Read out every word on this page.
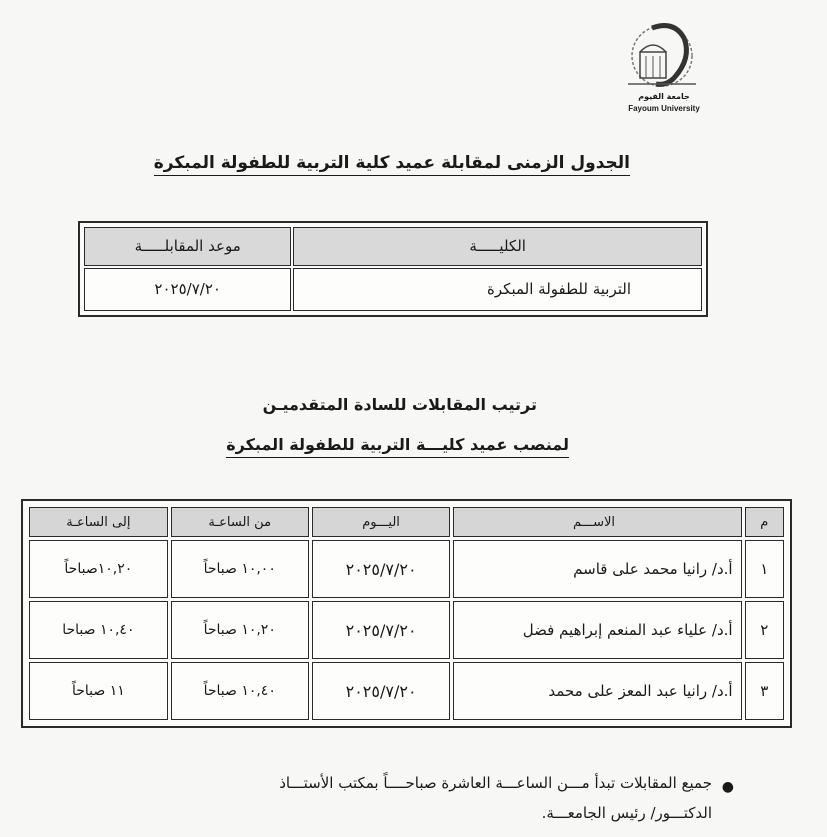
جامعة الفيوم
Fayoum University
الجدول الزمنى لمقابلة عميد كلية التربية للطفولة المبكرة
الكليـــــة	موعد المقابلـــــة
التربية للطفولة المبكرة	٢٠٢٥/٧/٢٠
ترتيب المقابلات للسادة المتقدميـن
لمنصب عميد كليـــة التربية للطفولة المبكرة
م	الاســـم	اليـــوم	من الساعـة	إلى الساعـة
١	أ.د/ رانيا محمد على قاسم	٢٠٢٥/٧/٢٠	١٠,٠٠ صباحاً	١٠,٢٠صباحاً
٢	أ.د/ علياء عبد المنعم إبراهيم فضل	٢٠٢٥/٧/٢٠	١٠,٢٠ صباحاً	١٠,٤٠ صباحا
٣	أ.د/ رانيا عبد المعز على محمد	٢٠٢٥/٧/٢٠	١٠,٤٠ صباحاً	١١ صباحاً
●

جميع المقابلات تبدأ مـــن الساعـــة العاشرة صباحــــاً بمكتب الأستـــاذ

الدكتـــور/ رئيس الجامعـــة.
